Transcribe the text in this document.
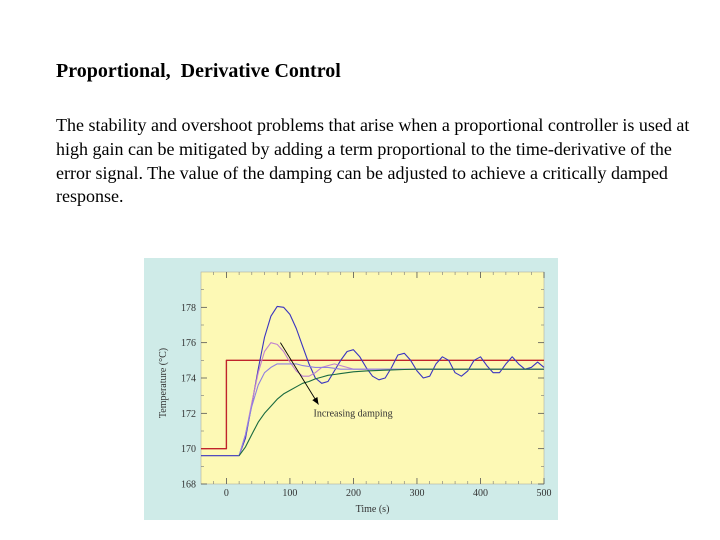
Proportional,  Derivative Control
The stability and overshoot problems that arise when a proportional controller is used at high gain can be mitigated by adding a term proportional to the time-derivative of the error signal. The value of the damping can be adjusted to achieve a critically damped response.
168
170
172
174
176
178
0	100	200	300	400	500
Increasing damping
Time (s)
Temperature (°C)
